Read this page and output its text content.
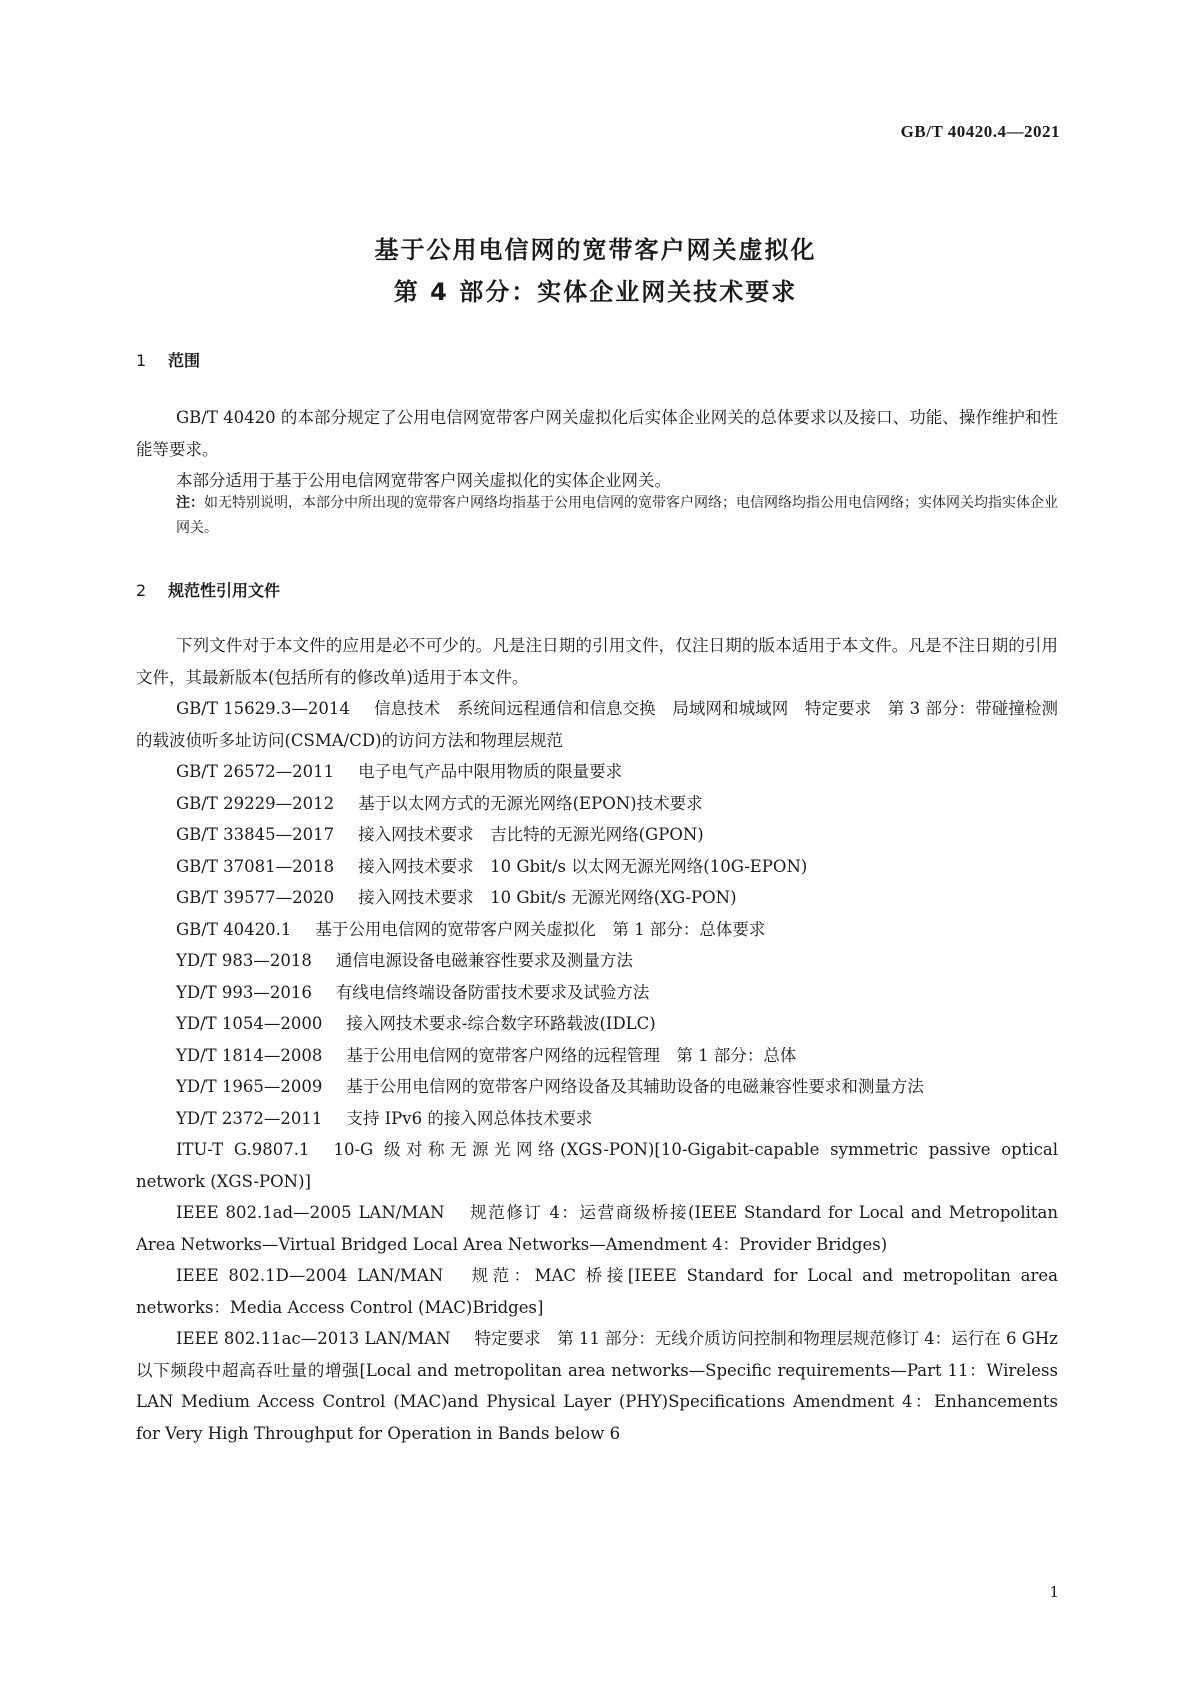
GB/T 40420.4—2021
基于公用电信网的宽带客户网关虚拟化
第 4 部分：实体企业网关技术要求
1 范围

GB/T 40420 的本部分规定了公用电信网宽带客户网关虚拟化后实体企业网关的总体要求以及接口、功能、操作维护和性能等要求。

本部分适用于基于公用电信网宽带客户网关虚拟化的实体企业网关。

注：如无特别说明，本部分中所出现的宽带客户网络均指基于公用电信网的宽带客户网络；电信网络均指公用电信网络；实体网关均指实体企业网关。
2 规范性引用文件

下列文件对于本文件的应用是必不可少的。凡是注日期的引用文件，仅注日期的版本适用于本文件。凡是不注日期的引用文件，其最新版本(包括所有的修改单)适用于本文件。

GB/T 15629.3—2014 信息技术　系统间远程通信和信息交换　局域网和城域网　特定要求　第 3 部分：带碰撞检测的载波侦听多址访问(CSMA/CD)的访问方法和物理层规范

GB/T 26572—2011 电子电气产品中限用物质的限量要求

GB/T 29229—2012 基于以太网方式的无源光网络(EPON)技术要求

GB/T 33845—2017 接入网技术要求　吉比特的无源光网络(GPON)

GB/T 37081—2018 接入网技术要求　10 Gbit/s 以太网无源光网络(10G-EPON)

GB/T 39577—2020 接入网技术要求　10 Gbit/s 无源光网络(XG-PON)

GB/T 40420.1 基于公用电信网的宽带客户网关虚拟化　第 1 部分：总体要求

YD/T 983—2018 通信电源设备电磁兼容性要求及测量方法

YD/T 993—2016 有线电信终端设备防雷技术要求及试验方法

YD/T 1054—2000 接入网技术要求-综合数字环路载波(IDLC)

YD/T 1814—2008 基于公用电信网的宽带客户网络的远程管理　第 1 部分：总体

YD/T 1965—2009 基于公用电信网的宽带客户网络设备及其辅助设备的电磁兼容性要求和测量方法

YD/T 2372—2011 支持 IPv6 的接入网总体技术要求

ITU-T G.9807.1 10-G 级对称无源光网络(XGS-PON)[10-Gigabit-capable symmetric passive optical network (XGS-PON)]

IEEE 802.1ad—2005 LAN/MAN 规范修订 4：运营商级桥接(IEEE Standard for Local and Metropolitan Area Networks—Virtual Bridged Local Area Networks—Amendment 4：Provider Bridges)

IEEE 802.1D—2004 LAN/MAN 规范：MAC 桥接[IEEE Standard for Local and metropolitan area networks：Media Access Control (MAC)Bridges]

IEEE 802.11ac—2013 LAN/MAN 特定要求　第 11 部分：无线介质访问控制和物理层规范修订 4：运行在 6 GHz 以下频段中超高吞吐量的增强[Local and metropolitan area networks—Specific requirements—Part 11：Wireless LAN Medium Access Control (MAC)and Physical Layer (PHY)Specifications Amendment 4：Enhancements for Very High Throughput for Operation in Bands below 6

1
